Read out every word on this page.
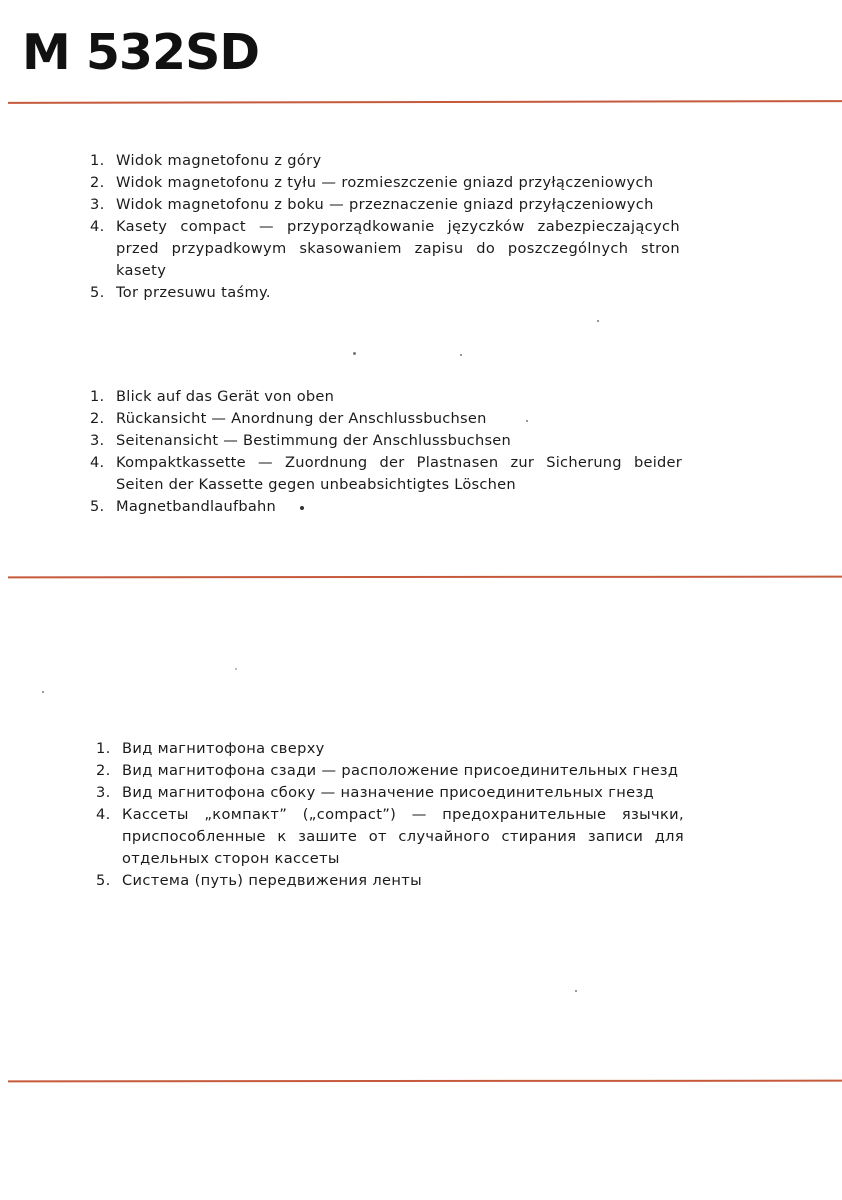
M 532SD
1. Widok magnetofonu z góry
2. Widok magnetofonu z tyłu — rozmieszczenie gniazd przyłączeniowych
3. Widok magnetofonu z boku — przeznaczenie gniazd przyłączeniowych
4. Kasety compact — przyporządkowanie języczków zabezpieczających przed przypadkowym skasowaniem zapisu do poszczególnych stron kasety
5. Tor przesuwu taśmy.
1. Blick auf das Gerät von oben
2. Rückansicht — Anordnung der Anschlussbuchsen
3. Seitenansicht — Bestimmung der Anschlussbuchsen
4. Kompaktkassette — Zuordnung der Plastnasen zur Sicherung beider Seiten der Kassette gegen unbeabsichtigtes Löschen
5. Magnetbandlaufbahn
1. Вид магнитофона сверху
2. Вид магнитофона сзади — расположение присоединительных гнезд
3. Вид магнитофона сбоку — назначение присоединительных гнезд
4. Кассеты „компакт” („compact”) — предохранительные язычки, приспособленные к зашите от случайного стирания записи для отдельных сторон кассеты
5. Система (путь) передвижения ленты
